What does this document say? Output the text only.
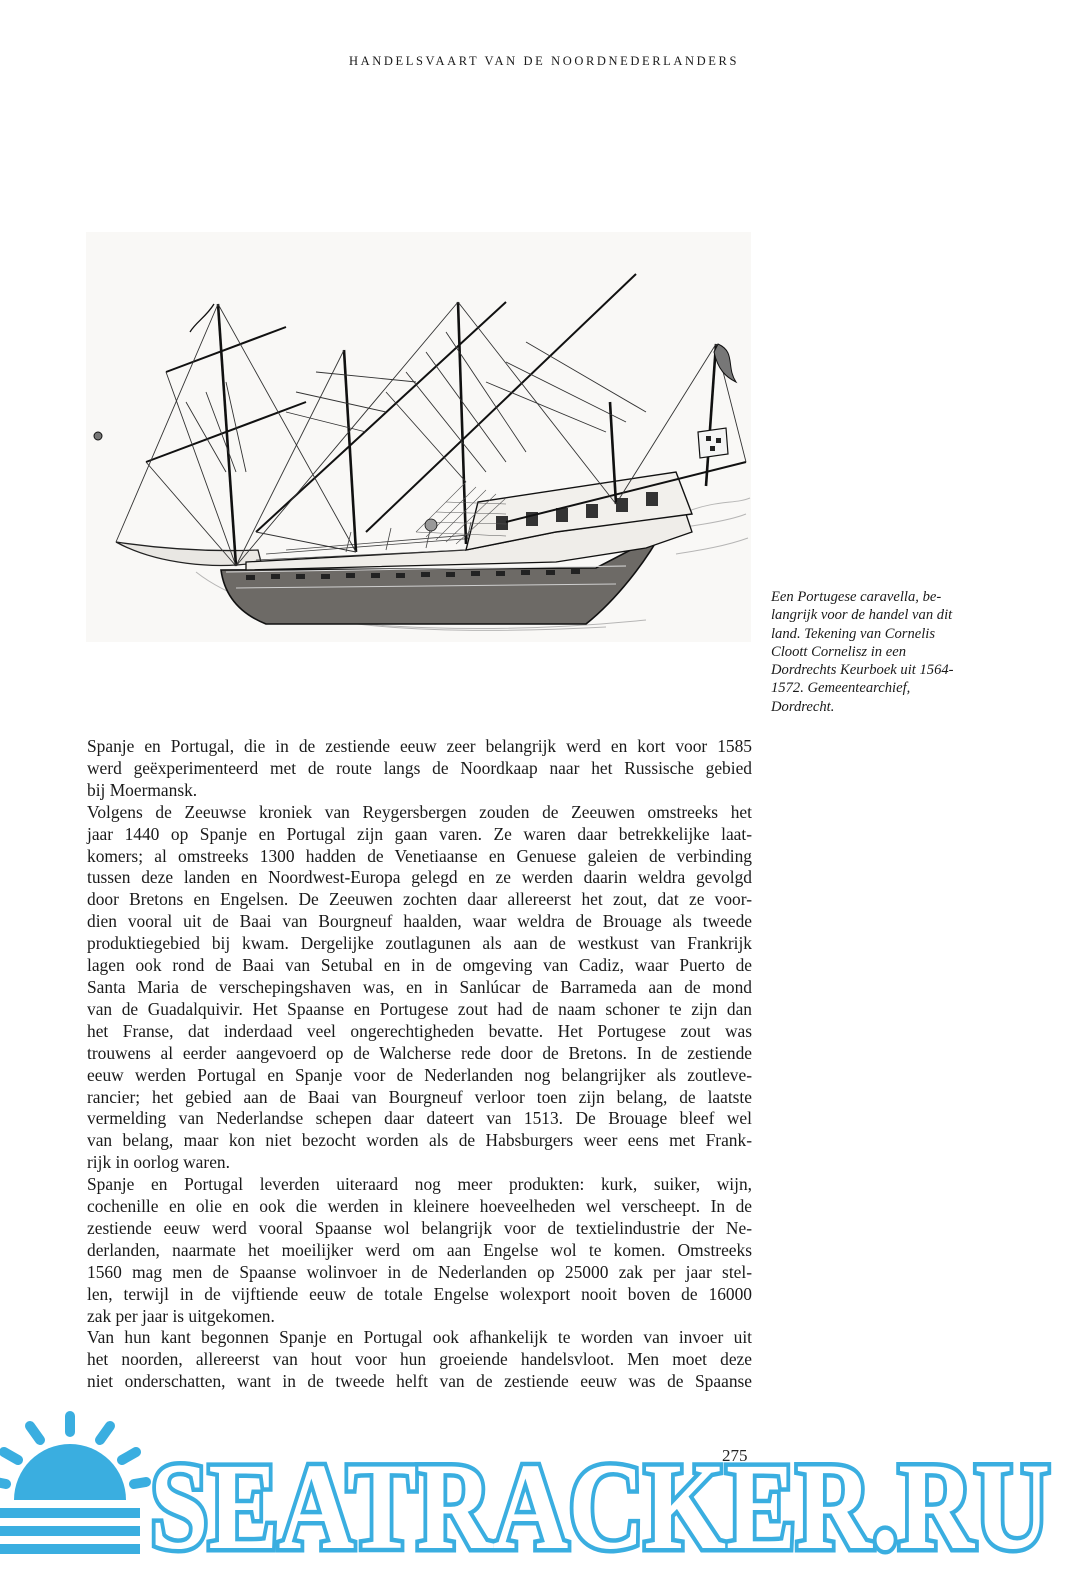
HANDELSVAART VAN DE NOORDNEDERLANDERS

Een Portugese caravella, be-

langrijk voor de handel van dit

land. Tekening van Cornelis

Cloott Cornelisz in een

Dordrechts Keurboek uit 1564-

1572. Gemeentearchief,

Dordrecht.

Spanje en Portugal, die in de zestiende eeuw zeer belangrijk werd en kort voor 1585
werd geëxperimenteerd met de route langs de Noordkaap naar het Russische gebied
bij Moermansk.
Volgens de Zeeuwse kroniek van Reygersbergen zouden de Zeeuwen omstreeks het
jaar 1440 op Spanje en Portugal zijn gaan varen. Ze waren daar betrekkelijke laat-
komers; al omstreeks 1300 hadden de Venetiaanse en Genuese galeien de verbinding
tussen deze landen en Noordwest-Europa gelegd en ze werden daarin weldra gevolgd
door Bretons en Engelsen. De Zeeuwen zochten daar allereerst het zout, dat ze voor-
dien vooral uit de Baai van Bourgneuf haalden, waar weldra de Brouage als tweede
produktiegebied bij kwam. Dergelijke zoutlagunen als aan de westkust van Frankrijk
lagen ook rond de Baai van Setubal en in de omgeving van Cadiz, waar Puerto de
Santa Maria de verschepingshaven was, en in Sanlúcar de Barrameda aan de mond
van de Guadalquivir. Het Spaanse en Portugese zout had de naam schoner te zijn dan
het Franse, dat inderdaad veel ongerechtigheden bevatte. Het Portugese zout was
trouwens al eerder aangevoerd op de Walcherse rede door de Bretons. In de zestiende
eeuw werden Portugal en Spanje voor de Nederlanden nog belangrijker als zoutleve-
rancier; het gebied aan de Baai van Bourgneuf verloor toen zijn belang, de laatste
vermelding van Nederlandse schepen daar dateert van 1513. De Brouage bleef wel
van belang, maar kon niet bezocht worden als de Habsburgers weer eens met Frank-
rijk in oorlog waren.
Spanje en Portugal leverden uiteraard nog meer produkten: kurk, suiker, wijn,
cochenille en olie en ook die werden in kleinere hoeveelheden wel verscheept. In de
zestiende eeuw werd vooral Spaanse wol belangrijk voor de textielindustrie der Ne-
derlanden, naarmate het moeilijker werd om aan Engelse wol te komen. Omstreeks
1560 mag men de Spaanse wolinvoer in de Nederlanden op 25000 zak per jaar stel-
len, terwijl in de vijftiende eeuw de totale Engelse wolexport nooit boven de 16000
zak per jaar is uitgekomen.
Van hun kant begonnen Spanje en Portugal ook afhankelijk te worden van invoer uit
het noorden, allereerst van hout voor hun groeiende handelsvloot. Men moet deze
niet onderschatten, want in de tweede helft van de zestiende eeuw was de Spaanse
SEATRACKER.RU
275
